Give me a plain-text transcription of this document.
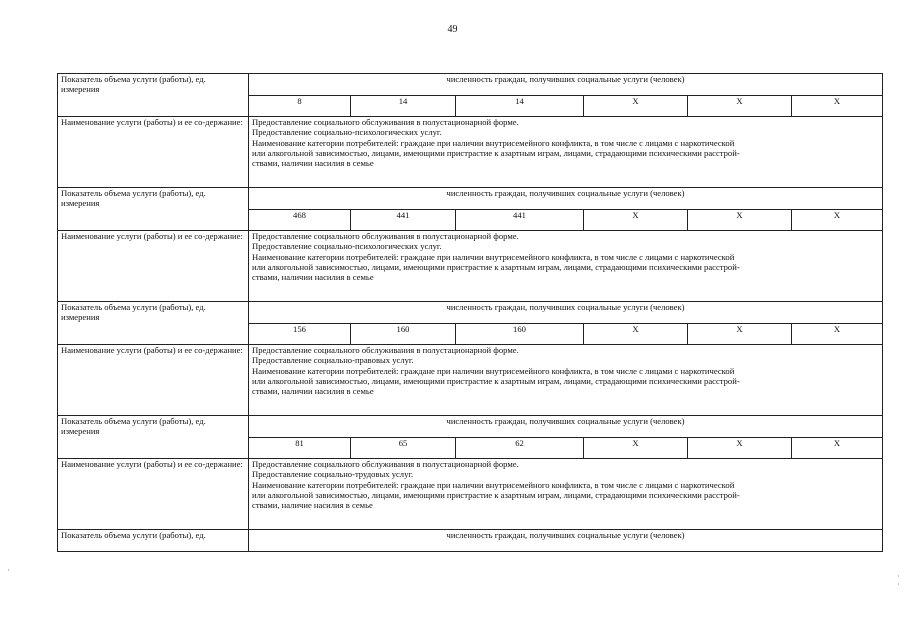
49
Показатель объема услуги (работы), ед. измерения	численность граждан, получивших социальные услуги (человек)					
	8	14	14	Х	Х	Х
Наименование услуги (работы) и ее со-держание:	Предоставление социального обслуживания в полустационарной форме.
Предоставление социально-психологических услуг.
Наименование категории потребителей: граждане при наличии внутрисемейного конфликта, в том числе с лицами с наркотической
или алкогольной зависимостью, лицами, имеющими пристрастие к азартным играм, лицами, страдающими психическими расстрой-
ствами, наличии насилия в семье					

Показатель объема услуги (работы), ед. измерения	численность граждан, получивших социальные услуги (человек)					
	468	441	441	Х	Х	Х
Наименование услуги (работы) и ее со-держание:	Предоставление социального обслуживания в полустационарной форме.
Предоставление социально-психологических услуг.
Наименование категории потребителей: граждане при наличии внутрисемейного конфликта, в том числе с лицами с наркотической
или алкогольной зависимостью, лицами, имеющими пристрастие к азартным играм, лицами, страдающими психическими расстрой-
ствами, наличии насилия в семье					

Показатель объема услуги (работы), ед. измерения	численность граждан, получивших социальные услуги (человек)					
	156	160	160	Х	Х	Х
Наименование услуги (работы) и ее со-держание:	Предоставление социального обслуживания в полустационарной форме.
Предоставление социально-правовых услуг.
Наименование категории потребителей: граждане при наличии внутрисемейного конфликта, в том числе с лицами с наркотической
или алкогольной зависимостью, лицами, имеющими пристрастие к азартным играм, лицами, страдающими психическими расстрой-
ствами, наличии насилия в семье					

Показатель объема услуги (работы), ед. измерения	численность граждан, получивших социальные услуги (человек)					
	81	65	62	Х	Х	Х
Наименование услуги (работы) и ее со-держание:	Предоставление социального обслуживания в полустационарной форме.
Предоставление социально-трудовых услуг.
Наименование категории потребителей: граждане при наличии внутрисемейного конфликта, в том числе с лицами с наркотической
или алкогольной зависимостью, лицами, имеющими пристрастие к азартным играм, лицами, страдающими психическими расстрой-
ствами, наличие насилия в семье					

Показатель объема услуги (работы), ед.	численность граждан, получивших социальные услуги (человек)					
·
·
·
